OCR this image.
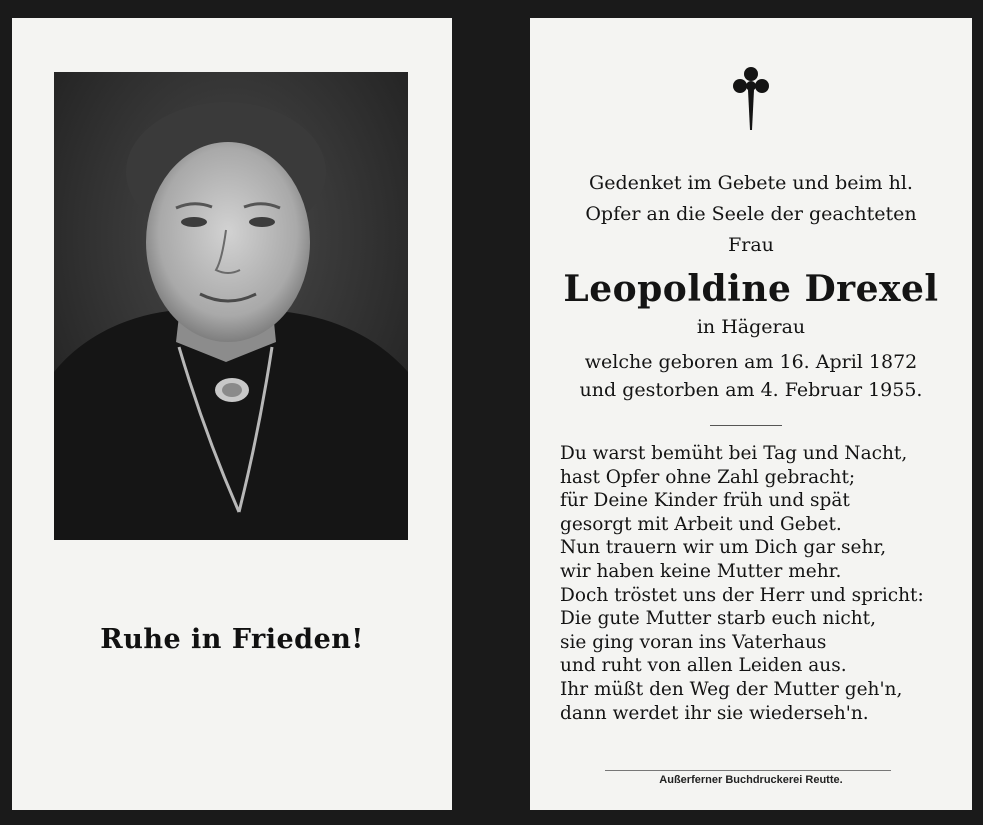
Ruhe in Frieden!
Gedenket im Gebete und beim hl.
Opfer an die Seele der geachteten
Frau
Leopoldine Drexel
in Hägerau
welche geboren am 16. April 1872
und gestorben am 4. Februar 1955.
Du warst bemüht bei Tag und Nacht,
hast Opfer ohne Zahl gebracht;
für Deine Kinder früh und spät
gesorgt mit Arbeit und Gebet.
Nun trauern wir um Dich gar sehr,
wir haben keine Mutter mehr.
Doch tröstet uns der Herr und spricht:
Die gute Mutter starb euch nicht,
sie ging voran ins Vaterhaus
und ruht von allen Leiden aus.
Ihr müßt den Weg der Mutter geh'n,
dann werdet ihr sie wiederseh'n.
Außerferner Buchdruckerei Reutte.
